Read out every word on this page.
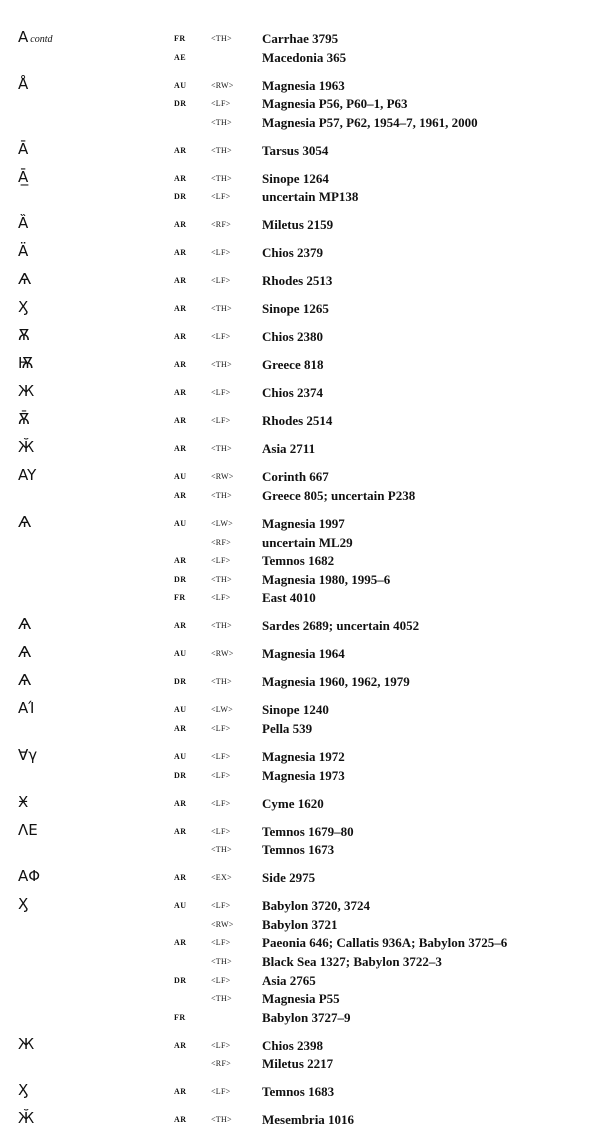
Acontd	FR	<TH> Carrhae 3795
AE	Macedonia 365
Å	AU	<RW> Magnesia 1963
DR	<LF> Magnesia P56, P60–1, P63
<TH> Magnesia P57, P62, 1954–7, 1961, 2000
Ā	AR	<TH> Tarsus 3054
Ā̲	AR	<TH> Sinope 1264
DR	<LF> uncertain MP138
Ȁ	AR	<RF> Miletus 2159
Ӓ	AR	<LF> Chios 2379
Ѧ	AR	<LF> Rhodes 2513
Ӽ	AR	<TH> Sinope 1265
Ѫ	AR	<LF> Chios 2380
Ѭ	AR	<TH> Greece 818
Ж	AR	<LF> Chios 2374
Ѫ̄	AR	<LF> Rhodes 2514
Ӂ	AR	<TH> Asia 2711
AY	AU	<RW> Corinth 667
AR	<TH> Greece 805; uncertain P238
Ѧ	AU	<LW> Magnesia 1997
<RF> uncertain ML29
AR	<LF> Temnos 1682
DR	<TH> Magnesia 1980, 1995–6
FR	<LF> East 4010
Ѧ	AR	<TH> Sardes 2689; uncertain 4052
Ѧ	AU	<RW> Magnesia 1964
Ѧ	DR	<TH> Magnesia 1960, 1962, 1979
ΑΊ	AU	<LW> Sinope 1240
AR	<LF> Pella 539
Ɐγ	AU	<LF> Magnesia 1972
DR	<LF> Magnesia 1973
Ӿ	AR	<LF> Cyme 1620
ΛΕ	AR	<LF> Temnos 1679–80
<TH> Temnos 1673
AΦ	AR	<EX> Side 2975
Ӽ	AU	<LF> Babylon 3720, 3724
<RW> Babylon 3721
AR	<LF> Paeonia 646; Callatis 936A; Babylon 3725–6
<TH> Black Sea 1327; Babylon 3722–3
DR	<LF> Asia 2765
<TH> Magnesia P55
FR	Babylon 3727–9
Ж	AR	<LF> Chios 2398
<RF> Miletus 2217
Ӽ	AR	<LF> Temnos 1683
Ӂ	AR	<TH> Mesembria 1016
